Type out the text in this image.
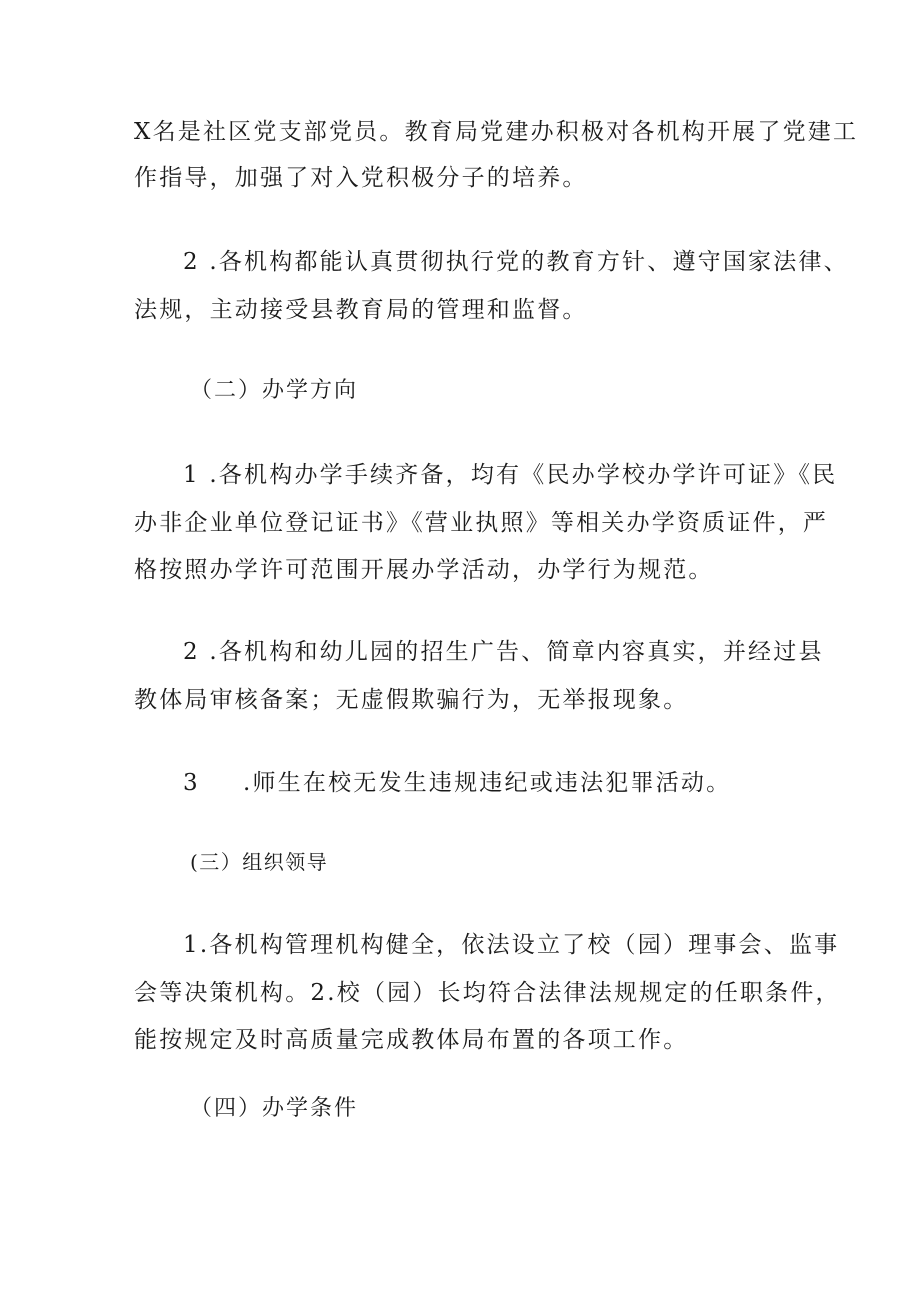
X名是社区党支部党员。教育局党建办积极对各机构开展了党建工
作指导，加强了对入党积极分子的培养。
2 .各机构都能认真贯彻执行党的教育方针、遵守国家法律、
法规，主动接受县教育局的管理和监督。
（二）办学方向
1 .各机构办学手续齐备，均有《民办学校办学许可证》《民
办非企业单位登记证书》《营业执照》等相关办学资质证件，严
格按照办学许可范围开展办学活动，办学行为规范。
2 .各机构和幼儿园的招生广告、简章内容真实，并经过县
教体局审核备案；无虚假欺骗行为，无举报现象。
3 .师生在校无发生违规违纪或违法犯罪活动。
(三）组织领导
1.各机构管理机构健全，依法设立了校（园）理事会、监事
会等决策机构。2.校（园）长均符合法律法规规定的任职条件，
能按规定及时高质量完成教体局布置的各项工作。
（四）办学条件
